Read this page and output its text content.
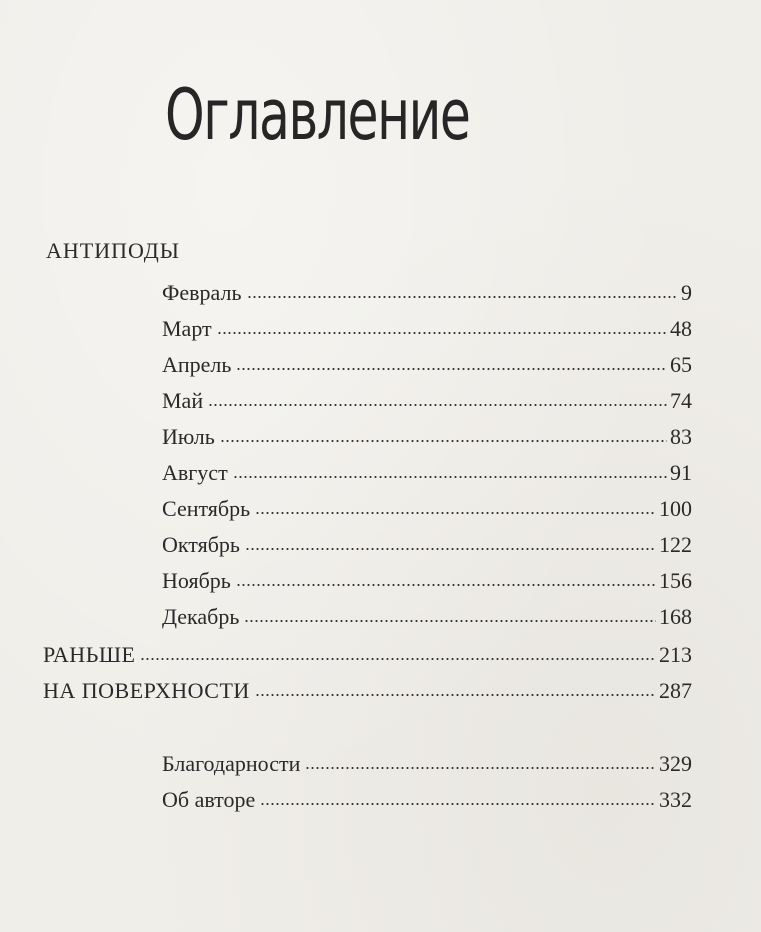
Оглавление
АНТИПОДЫ
Февраль	9
Март	48
Апрель	65
Май	74
Июль	83
Август	91
Сентябрь	100
Октябрь	122
Ноябрь	156
Декабрь	168
РАНЬШЕ	213
НА ПОВЕРХНОСТИ	287
Благодарности	329
Об авторе	332
